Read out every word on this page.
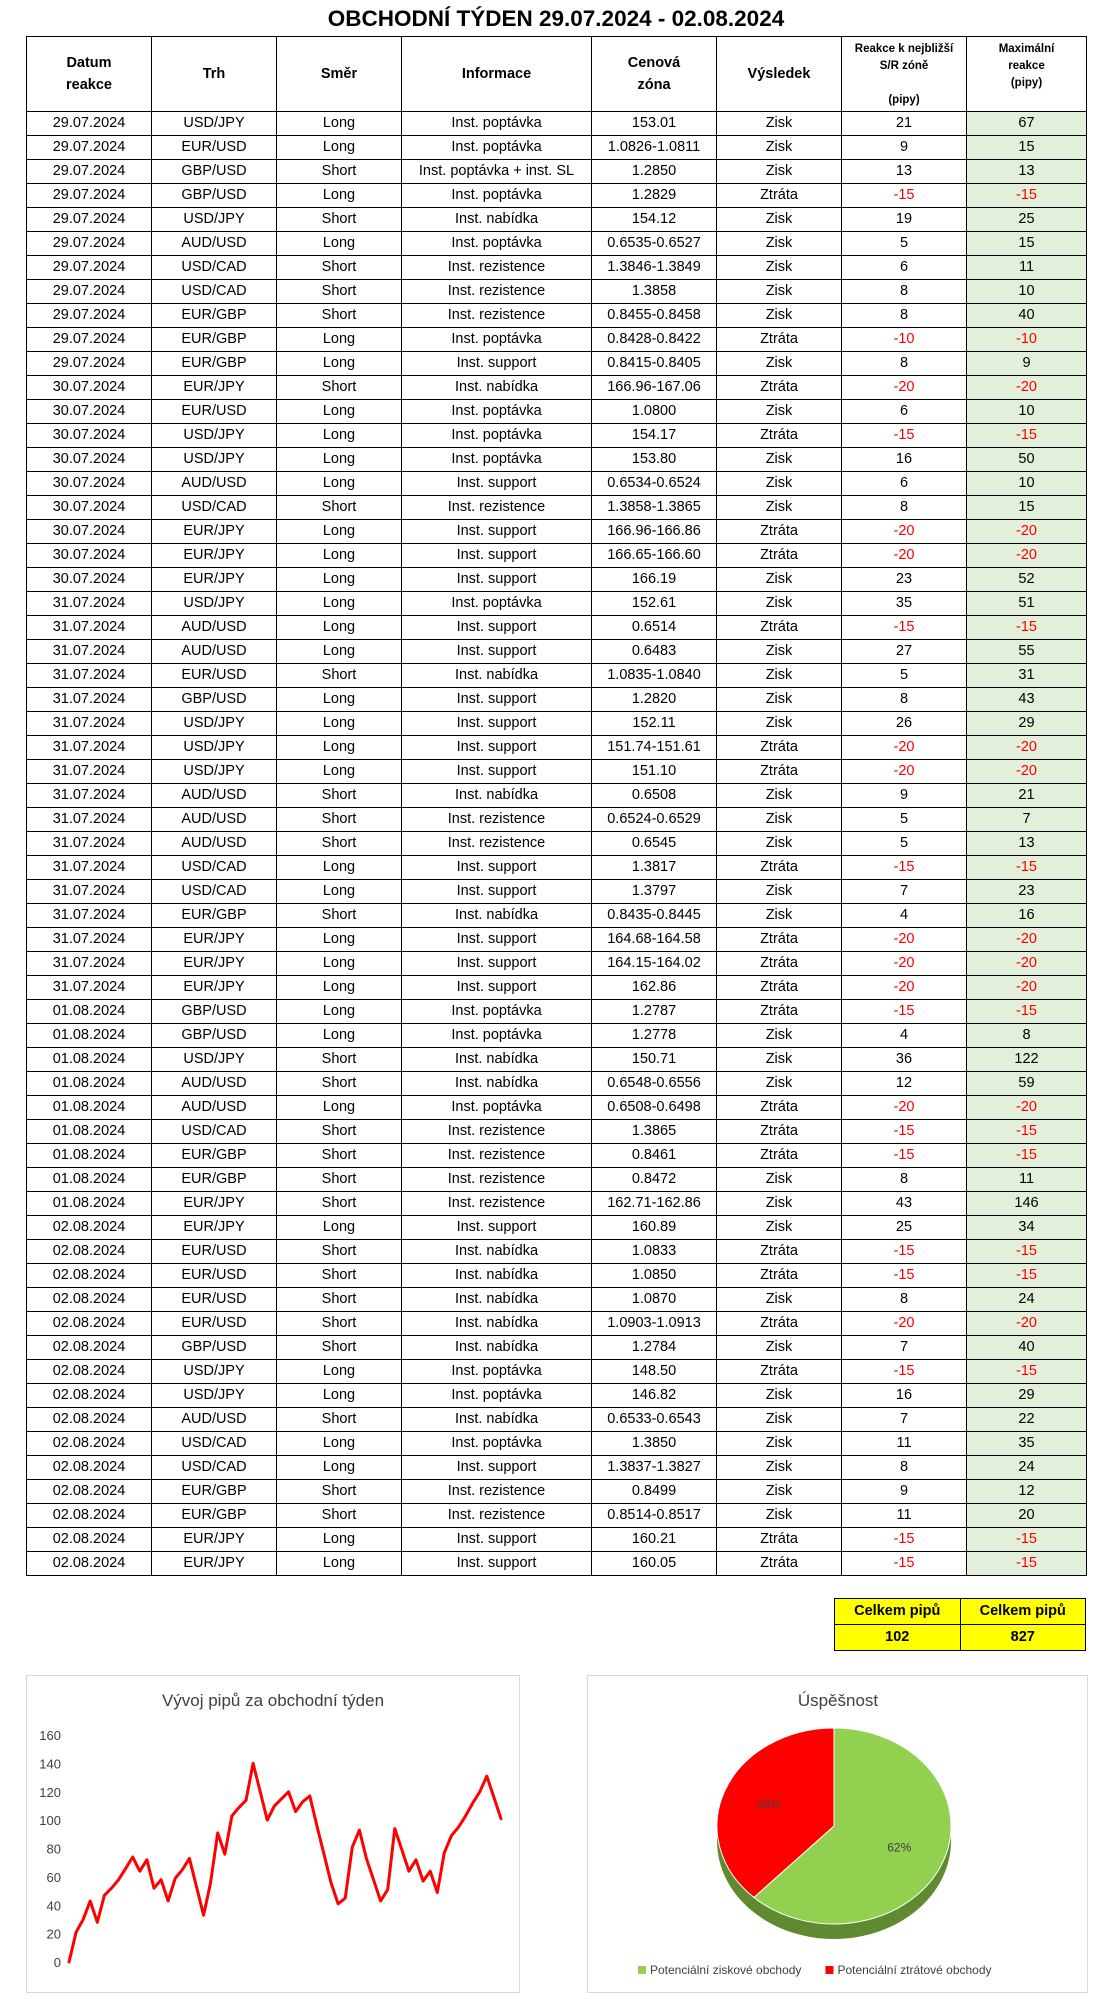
OBCHODNÍ TÝDEN 29.07.2024 - 02.08.2024
Datum
reakce	Trh	Směr	Informace	Cenová
zóna	Výsledek	Reakce k nejbližší
S/R zóně

(pipy)	Maximální
reakce
(pipy)
29.07.2024	USD/JPY	Long	Inst. poptávka	153.01	Zisk	21	67
29.07.2024	EUR/USD	Long	Inst. poptávka	1.0826-1.0811	Zisk	9	15
29.07.2024	GBP/USD	Short	Inst. poptávka + inst. SL	1.2850	Zisk	13	13
29.07.2024	GBP/USD	Long	Inst. poptávka	1.2829	Ztráta	-15	-15
29.07.2024	USD/JPY	Short	Inst. nabídka	154.12	Zisk	19	25
29.07.2024	AUD/USD	Long	Inst. poptávka	0.6535-0.6527	Zisk	5	15
29.07.2024	USD/CAD	Short	Inst. rezistence	1.3846-1.3849	Zisk	6	11
29.07.2024	USD/CAD	Short	Inst. rezistence	1.3858	Zisk	8	10
29.07.2024	EUR/GBP	Short	Inst. rezistence	0.8455-0.8458	Zisk	8	40
29.07.2024	EUR/GBP	Long	Inst. poptávka	0.8428-0.8422	Ztráta	-10	-10
29.07.2024	EUR/GBP	Long	Inst. support	0.8415-0.8405	Zisk	8	9
30.07.2024	EUR/JPY	Short	Inst. nabídka	166.96-167.06	Ztráta	-20	-20
30.07.2024	EUR/USD	Long	Inst. poptávka	1.0800	Zisk	6	10
30.07.2024	USD/JPY	Long	Inst. poptávka	154.17	Ztráta	-15	-15
30.07.2024	USD/JPY	Long	Inst. poptávka	153.80	Zisk	16	50
30.07.2024	AUD/USD	Long	Inst. support	0.6534-0.6524	Zisk	6	10
30.07.2024	USD/CAD	Short	Inst. rezistence	1.3858-1.3865	Zisk	8	15
30.07.2024	EUR/JPY	Long	Inst. support	166.96-166.86	Ztráta	-20	-20
30.07.2024	EUR/JPY	Long	Inst. support	166.65-166.60	Ztráta	-20	-20
30.07.2024	EUR/JPY	Long	Inst. support	166.19	Zisk	23	52
31.07.2024	USD/JPY	Long	Inst. poptávka	152.61	Zisk	35	51
31.07.2024	AUD/USD	Long	Inst. support	0.6514	Ztráta	-15	-15
31.07.2024	AUD/USD	Long	Inst. support	0.6483	Zisk	27	55
31.07.2024	EUR/USD	Short	Inst. nabídka	1.0835-1.0840	Zisk	5	31
31.07.2024	GBP/USD	Long	Inst. support	1.2820	Zisk	8	43
31.07.2024	USD/JPY	Long	Inst. support	152.11	Zisk	26	29
31.07.2024	USD/JPY	Long	Inst. support	151.74-151.61	Ztráta	-20	-20
31.07.2024	USD/JPY	Long	Inst. support	151.10	Ztráta	-20	-20
31.07.2024	AUD/USD	Short	Inst. nabídka	0.6508	Zisk	9	21
31.07.2024	AUD/USD	Short	Inst. rezistence	0.6524-0.6529	Zisk	5	7
31.07.2024	AUD/USD	Short	Inst. rezistence	0.6545	Zisk	5	13
31.07.2024	USD/CAD	Long	Inst. support	1.3817	Ztráta	-15	-15
31.07.2024	USD/CAD	Long	Inst. support	1.3797	Zisk	7	23
31.07.2024	EUR/GBP	Short	Inst. nabídka	0.8435-0.8445	Zisk	4	16
31.07.2024	EUR/JPY	Long	Inst. support	164.68-164.58	Ztráta	-20	-20
31.07.2024	EUR/JPY	Long	Inst. support	164.15-164.02	Ztráta	-20	-20
31.07.2024	EUR/JPY	Long	Inst. support	162.86	Ztráta	-20	-20
01.08.2024	GBP/USD	Long	Inst. poptávka	1.2787	Ztráta	-15	-15
01.08.2024	GBP/USD	Long	Inst. poptávka	1.2778	Zisk	4	8
01.08.2024	USD/JPY	Short	Inst. nabídka	150.71	Zisk	36	122
01.08.2024	AUD/USD	Short	Inst. nabídka	0.6548-0.6556	Zisk	12	59
01.08.2024	AUD/USD	Long	Inst. poptávka	0.6508-0.6498	Ztráta	-20	-20
01.08.2024	USD/CAD	Short	Inst. rezistence	1.3865	Ztráta	-15	-15
01.08.2024	EUR/GBP	Short	Inst. rezistence	0.8461	Ztráta	-15	-15
01.08.2024	EUR/GBP	Short	Inst. rezistence	0.8472	Zisk	8	11
01.08.2024	EUR/JPY	Short	Inst. rezistence	162.71-162.86	Zisk	43	146
02.08.2024	EUR/JPY	Long	Inst. support	160.89	Zisk	25	34
02.08.2024	EUR/USD	Short	Inst. nabídka	1.0833	Ztráta	-15	-15
02.08.2024	EUR/USD	Short	Inst. nabídka	1.0850	Ztráta	-15	-15
02.08.2024	EUR/USD	Short	Inst. nabídka	1.0870	Zisk	8	24
02.08.2024	EUR/USD	Short	Inst. nabídka	1.0903-1.0913	Ztráta	-20	-20
02.08.2024	GBP/USD	Short	Inst. nabídka	1.2784	Zisk	7	40
02.08.2024	USD/JPY	Long	Inst. poptávka	148.50	Ztráta	-15	-15
02.08.2024	USD/JPY	Long	Inst. poptávka	146.82	Zisk	16	29
02.08.2024	AUD/USD	Short	Inst. nabídka	0.6533-0.6543	Zisk	7	22
02.08.2024	USD/CAD	Long	Inst. poptávka	1.3850	Zisk	11	35
02.08.2024	USD/CAD	Long	Inst. support	1.3837-1.3827	Zisk	8	24
02.08.2024	EUR/GBP	Short	Inst. rezistence	0.8499	Zisk	9	12
02.08.2024	EUR/GBP	Short	Inst. rezistence	0.8514-0.8517	Zisk	11	20
02.08.2024	EUR/JPY	Long	Inst. support	160.21	Ztráta	-15	-15
02.08.2024	EUR/JPY	Long	Inst. support	160.05	Ztráta	-15	-15
Celkem pipů	Celkem pipů
102	827
Vývoj pipů za obchodní týden
0
20
40
60
80
100
120
140
160
Úspěšnost
62%
38%
Potenciální ziskové obchody	Potenciální ztrátové obchody
